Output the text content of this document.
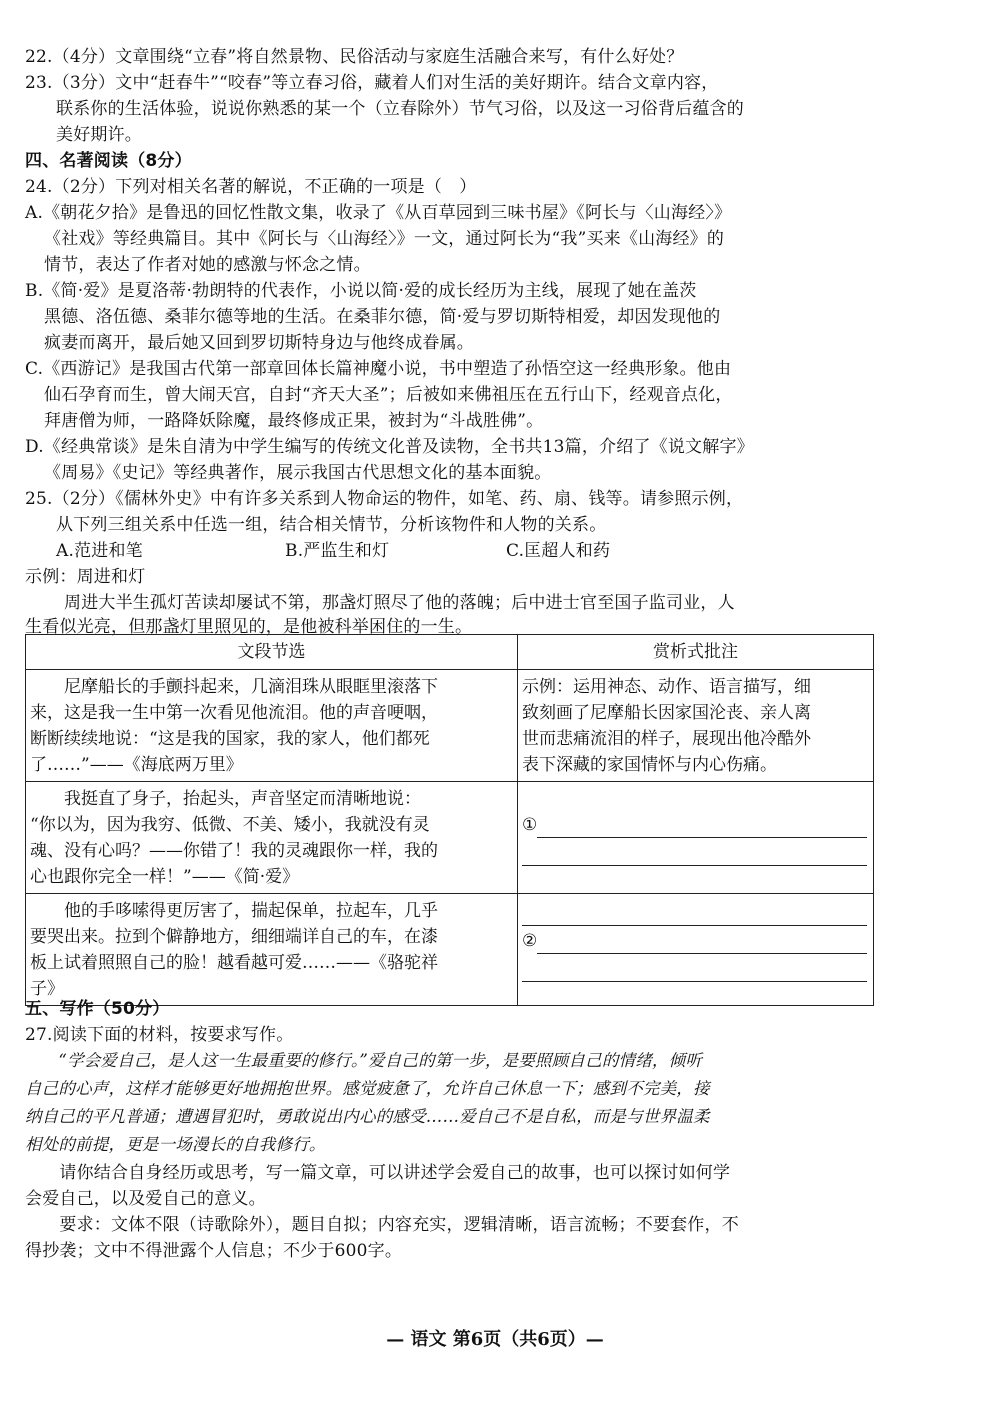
22.（4分）文章围绕“立春”将自然景物、民俗活动与家庭生活融合来写，有什么好处？
23.（3分）文中“赶春牛”“咬春”等立春习俗，藏着人们对生活的美好期许。结合文章内容，
联系你的生活体验，说说你熟悉的某一个（立春除外）节气习俗，以及这一习俗背后蕴含的
美好期许。
四、名著阅读（8分）
24.（2分）下列对相关名著的解说，不正确的一项是（　）
A.《朝花夕拾》是鲁迅的回忆性散文集，收录了《从百草园到三味书屋》《阿长与〈山海经〉》
《社戏》等经典篇目。其中《阿长与〈山海经〉》一文，通过阿长为“我”买来《山海经》的
情节，表达了作者对她的感激与怀念之情。
B.《简·爱》是夏洛蒂·勃朗特的代表作，小说以简·爱的成长经历为主线，展现了她在盖茨
黑德、洛伍德、桑菲尔德等地的生活。在桑菲尔德，简·爱与罗切斯特相爱，却因发现他的
疯妻而离开，最后她又回到罗切斯特身边与他终成眷属。
C.《西游记》是我国古代第一部章回体长篇神魔小说，书中塑造了孙悟空这一经典形象。他由
仙石孕育而生，曾大闹天宫，自封“齐天大圣”；后被如来佛祖压在五行山下，经观音点化，
拜唐僧为师，一路降妖除魔，最终修成正果，被封为“斗战胜佛”。
D.《经典常谈》是朱自清为中学生编写的传统文化普及读物，全书共13篇，介绍了《说文解字》
《周易》《史记》等经典著作，展示我国古代思想文化的基本面貌。
25.（2分）《儒林外史》中有许多关系到人物命运的物件，如笔、药、扇、钱等。请参照示例，
从下列三组关系中任选一组，结合相关情节，分析该物件和人物的关系。
A.范进和笔	B.严监生和灯	C.匡超人和药
示例：周进和灯
周进大半生孤灯苦读却屡试不第，那盏灯照尽了他的落魄；后中进士官至国子监司业，人
生看似光亮，但那盏灯里照见的，是他被科举困住的一生。
文段节选	赏析式批注

　　尼摩船长的手颤抖起来，几滴泪珠从眼眶里滚落下
来，这是我一生中第一次看见他流泪。他的声音哽咽，
断断续续地说：“这是我的国家，我的家人，他们都死
了……”——《海底两万里》	示例：运用神态、动作、语言描写，细
致刻画了尼摩船长因家国沦丧、亲人离
世而悲痛流泪的样子，展现出他冷酷外
表下深藏的家国情怀与内心伤痛。

　　我挺直了身子，抬起头，声音坚定而清晰地说：
“你以为，因为我穷、低微、不美、矮小，我就没有灵
魂、没有心吗？——你错了！我的灵魂跟你一样，我的
心也跟你完全一样！”——《简·爱》	①

　　他的手哆嗦得更厉害了，揣起保单，拉起车，几乎
要哭出来。拉到个僻静地方，细细端详自己的车，在漆
板上试着照照自己的脸！越看越可爱……——《骆驼祥
子》	②
五、写作（50分）
27.阅读下面的材料，按要求写作。
　　“学会爱自己，是人这一生最重要的修行。”爱自己的第一步，是要照顾自己的情绪，倾听
自己的心声，这样才能够更好地拥抱世界。感觉疲惫了，允许自己休息一下；感到不完美，接
纳自己的平凡普通；遭遇冒犯时，勇敢说出内心的感受……爱自己不是自私，而是与世界温柔
相处的前提，更是一场漫长的自我修行。
　　请你结合自身经历或思考，写一篇文章，可以讲述学会爱自己的故事，也可以探讨如何学
会爱自己，以及爱自己的意义。
　　要求：文体不限（诗歌除外），题目自拟；内容充实，逻辑清晰，语言流畅；不要套作，不
得抄袭；文中不得泄露个人信息；不少于600字。
— 语文 第6页（共6页）—
